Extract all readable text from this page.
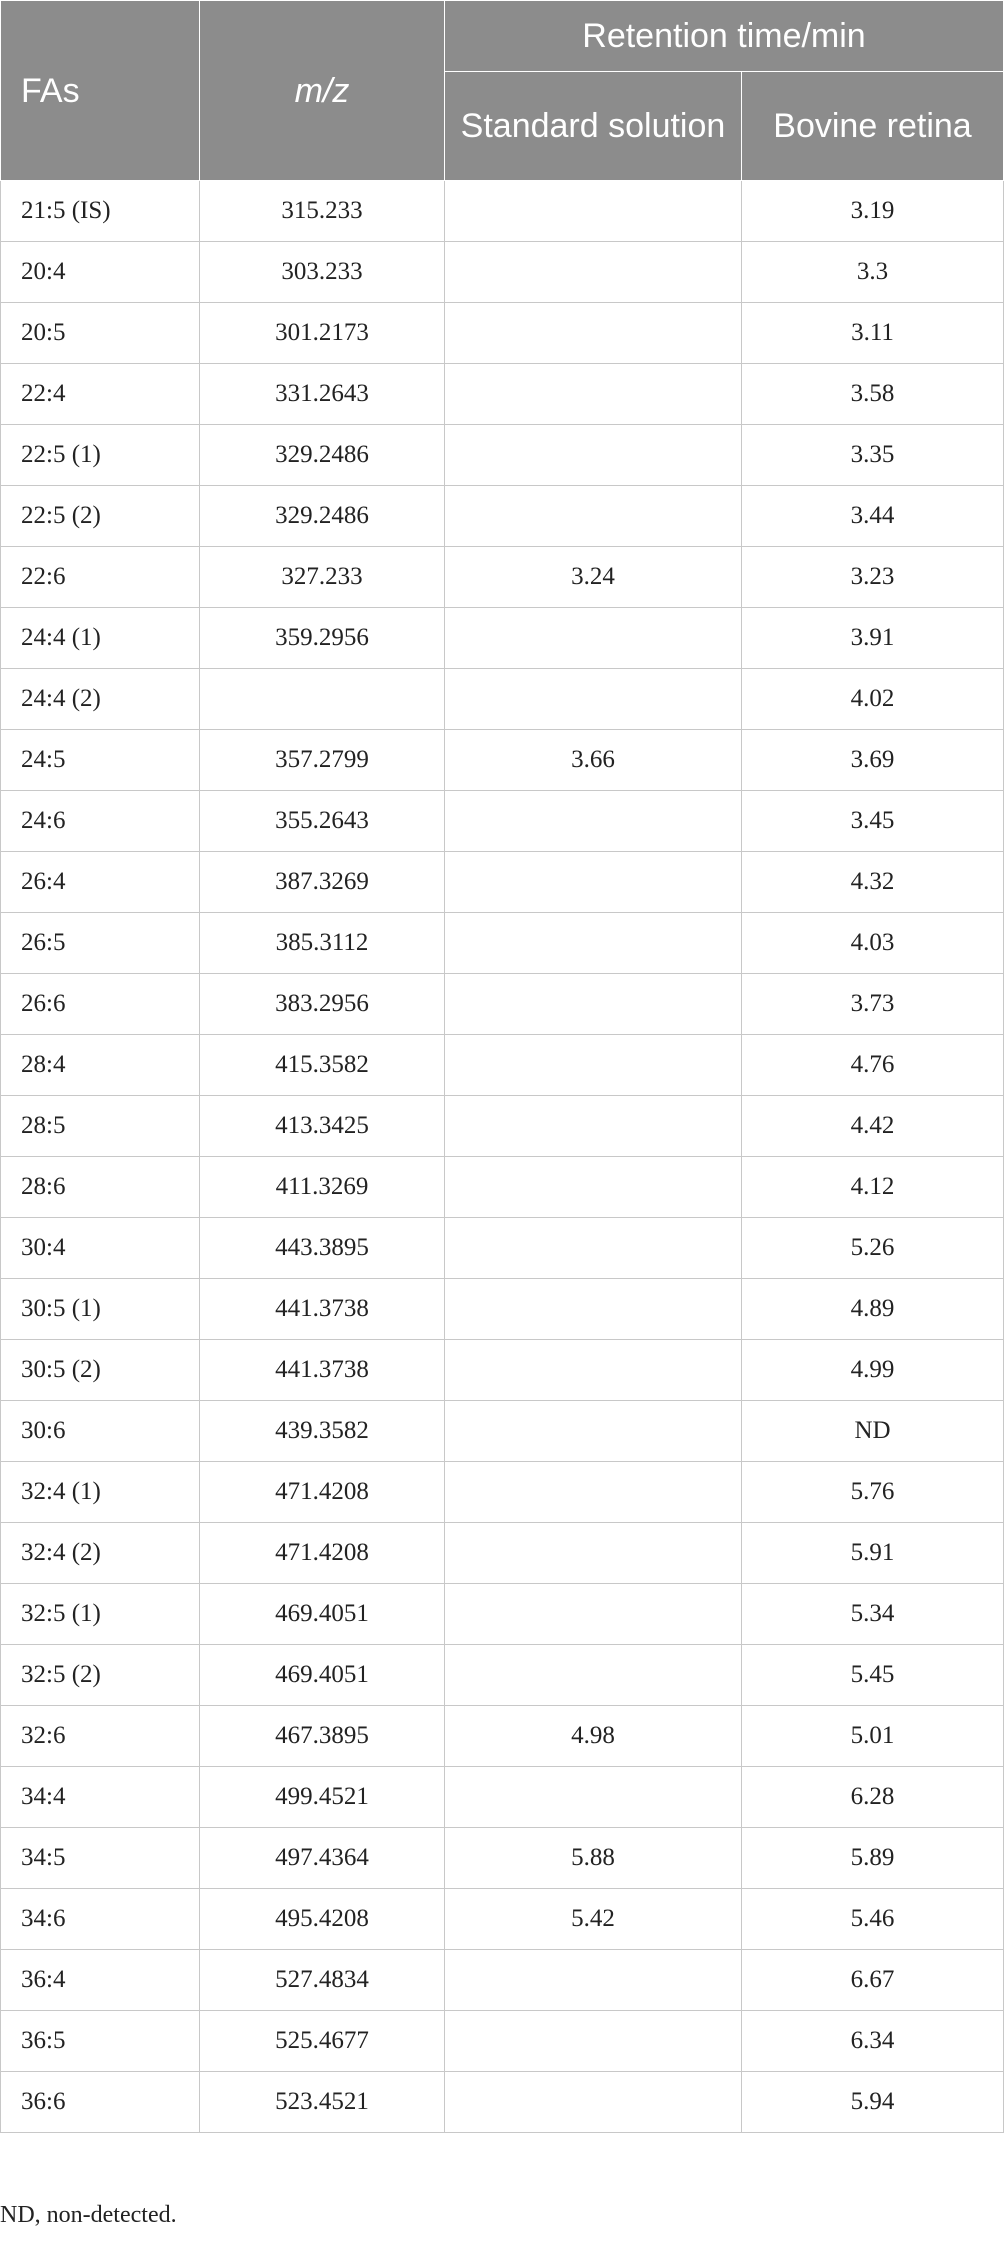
FAs	m/z	Retention time/min	
		Standard solution	Bovine retina
21:5 (IS)	315.233		3.19
20:4	303.233		3.3
20:5	301.2173		3.11
22:4	331.2643		3.58
22:5 (1)	329.2486		3.35
22:5 (2)	329.2486		3.44
22:6	327.233	3.24	3.23
24:4 (1)	359.2956		3.91
24:4 (2)			4.02
24:5	357.2799	3.66	3.69
24:6	355.2643		3.45
26:4	387.3269		4.32
26:5	385.3112		4.03
26:6	383.2956		3.73
28:4	415.3582		4.76
28:5	413.3425		4.42
28:6	411.3269		4.12
30:4	443.3895		5.26
30:5 (1)	441.3738		4.89
30:5 (2)	441.3738		4.99
30:6	439.3582		ND
32:4 (1)	471.4208		5.76
32:4 (2)	471.4208		5.91
32:5 (1)	469.4051		5.34
32:5 (2)	469.4051		5.45
32:6	467.3895	4.98	5.01
34:4	499.4521		6.28
34:5	497.4364	5.88	5.89
34:6	495.4208	5.42	5.46
36:4	527.4834		6.67
36:5	525.4677		6.34
36:6	523.4521		5.94
ND, non-detected.
